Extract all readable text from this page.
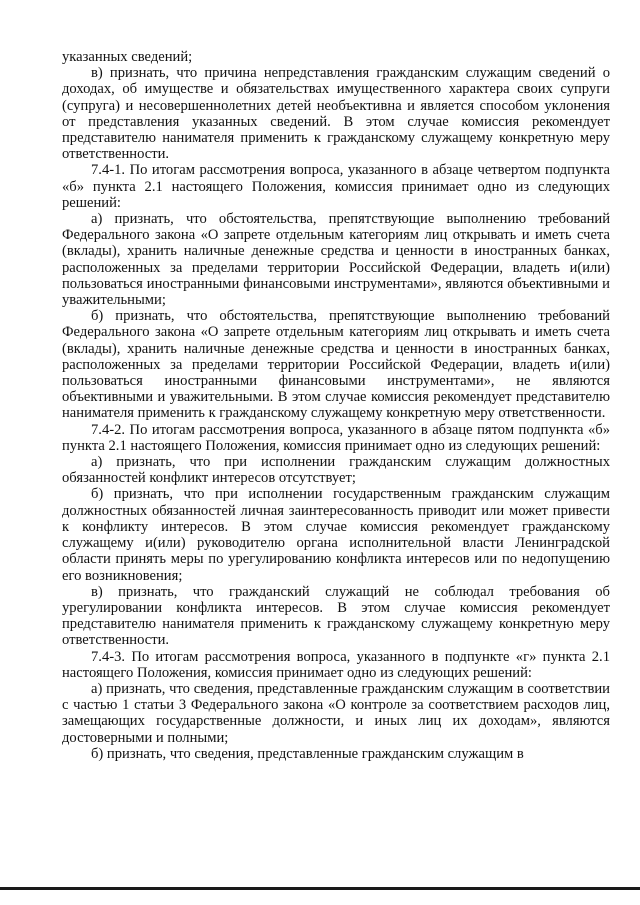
указанных сведений;

в) признать, что причина непредставления гражданским служащим сведений о доходах, об имуществе и обязательствах имущественного характера своих супруги (супруга) и несовершеннолетних детей необъективна и является способом уклонения от представления указанных сведений. В этом случае комиссия рекомендует представителю нанимателя применить к гражданскому служащему конкретную меру ответственности.

7.4-1. По итогам рассмотрения вопроса, указанного в абзаце четвертом подпункта «б» пункта 2.1 настоящего Положения, комиссия принимает одно из следующих решений:

а) признать, что обстоятельства, препятствующие выполнению требований Федерального закона «О запрете отдельным категориям лиц открывать и иметь счета (вклады), хранить наличные денежные средства и ценности в иностранных банках, расположенных за пределами территории Российской Федерации, владеть и(или) пользоваться иностранными финансовыми инструментами», являются объективными и уважительными;

б) признать, что обстоятельства, препятствующие выполнению требований Федерального закона «О запрете отдельным категориям лиц открывать и иметь счета (вклады), хранить наличные денежные средства и ценности в иностранных банках, расположенных за пределами территории Российской Федерации, владеть и(или) пользоваться иностранными финансовыми инструментами», не являются объективными и уважительными. В этом случае комиссия рекомендует представителю нанимателя применить к гражданскому служащему конкретную меру ответственности.

7.4-2. По итогам рассмотрения вопроса, указанного в абзаце пятом подпункта «б» пункта 2.1 настоящего Положения, комиссия принимает одно из следующих решений:

а) признать, что при исполнении гражданским служащим должностных обязанностей конфликт интересов отсутствует;

б) признать, что при исполнении государственным гражданским служащим должностных обязанностей личная заинтересованность приводит или может привести к конфликту интересов. В этом случае комиссия рекомендует гражданскому служащему и(или) руководителю органа исполнительной власти Ленинградской области принять меры по урегулированию конфликта интересов или по недопущению его возникновения;

в) признать, что гражданский служащий не соблюдал требования об урегулировании конфликта интересов. В этом случае комиссия рекомендует представителю нанимателя применить к гражданскому служащему конкретную меру ответственности.

7.4-3. По итогам рассмотрения вопроса, указанного в подпункте «г» пункта 2.1 настоящего Положения, комиссия принимает одно из следующих решений:

а) признать, что сведения, представленные гражданским служащим в соответствии с частью 1 статьи 3 Федерального закона «О контроле за соответствием расходов лиц, замещающих государственные должности, и иных лиц их доходам», являются достоверными и полными;

б) признать, что сведения, представленные гражданским служащим в
